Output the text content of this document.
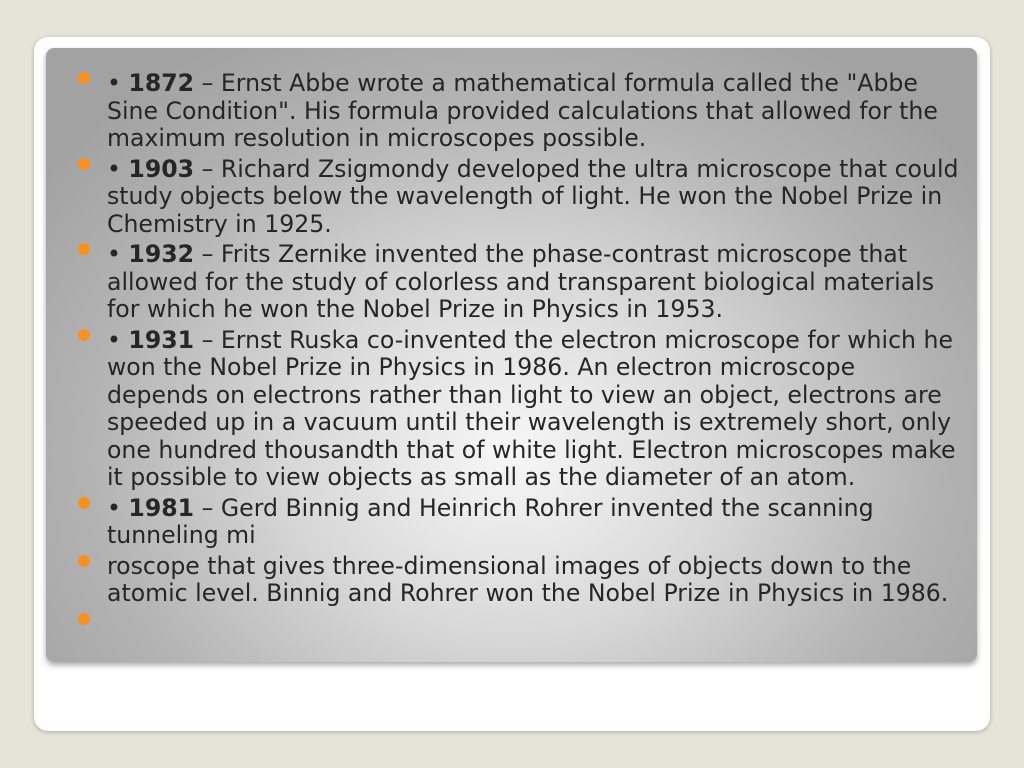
• 1872 – Ernst Abbe wrote a mathematical formula called the "Abbe Sine Condition". His formula provided calculations that allowed for the maximum resolution in microscopes possible.
• 1903 – Richard Zsigmondy developed the ultra microscope that could study objects below the wavelength of light. He won the Nobel Prize in Chemistry in 1925.
• 1932 – Frits Zernike invented the phase-contrast microscope that allowed for the study of colorless and transparent biological materials for which he won the Nobel Prize in Physics in 1953.
• 1931 – Ernst Ruska co-invented the electron microscope for which he won the Nobel Prize in Physics in 1986. An electron microscope depends on electrons rather than light to view an object, electrons are speeded up in a vacuum until their wavelength is extremely short, only one hundred thousandth that of white light. Electron microscopes make it possible to view objects as small as the diameter of an atom.
• 1981 – Gerd Binnig and Heinrich Rohrer invented the scanning tunneling mi
roscope that gives three-dimensional images of objects down to the atomic level. Binnig and Rohrer won the Nobel Prize in Physics in 1986.
